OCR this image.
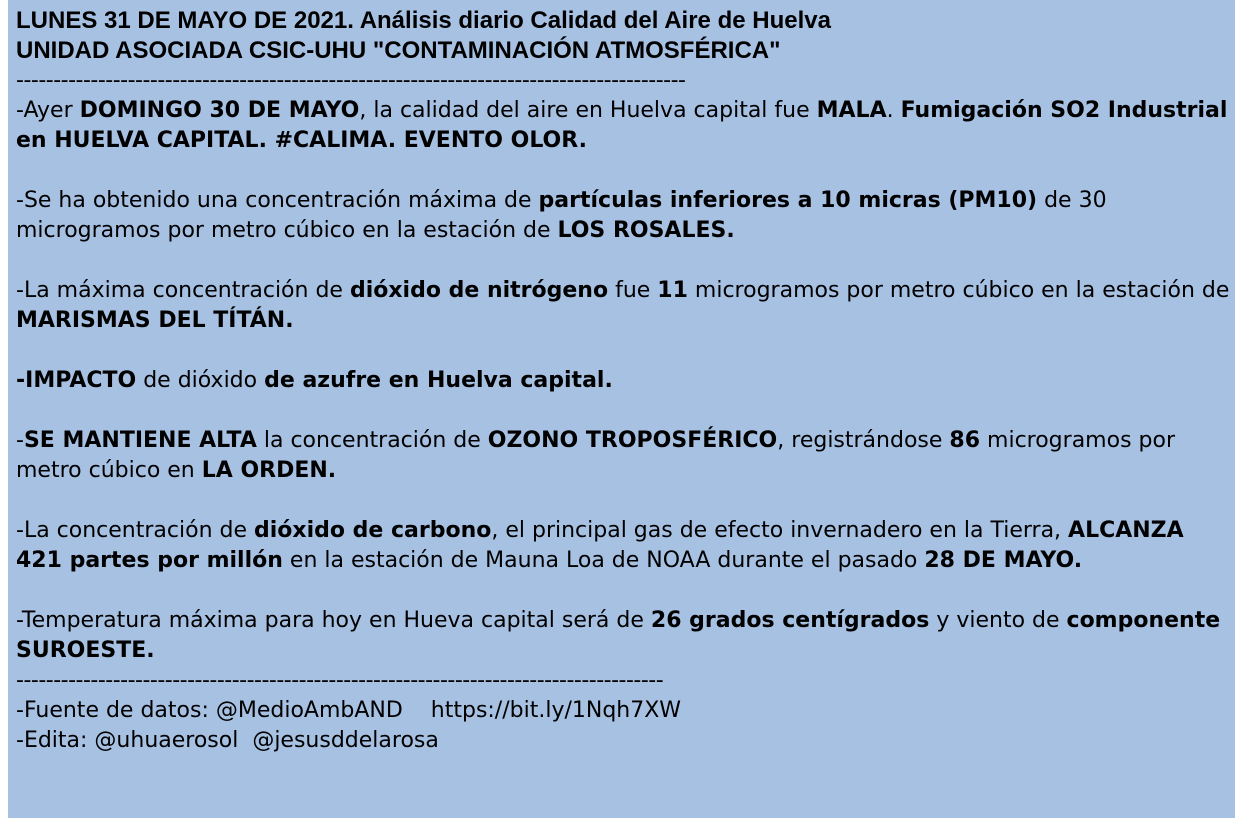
LUNES 31 DE MAYO DE 2021. Análisis diario Calidad del Aire de Huelva

UNIDAD ASOCIADA CSIC-UHU "CONTAMINACIÓN ATMOSFÉRICA"

------------------------------------------------------------------------------------------

-Ayer DOMINGO 30 DE MAYO, la calidad del aire en Huelva capital fue MALA. Fumigación SO2 Industrial en HUELVA CAPITAL. #CALIMA. EVENTO OLOR.

-Se ha obtenido una concentración máxima de partículas inferiores a 10 micras (PM10) de 30 microgramos por metro cúbico en la estación de LOS ROSALES.

-La máxima concentración de dióxido de nitrógeno fue 11 microgramos por metro cúbico en la estación de MARISMAS DEL TÍTÁN.

-IMPACTO de dióxido de azufre en Huelva capital.

-SE MANTIENE ALTA la concentración de OZONO TROPOSFÉRICO, registrándose 86 microgramos por metro cúbico en LA ORDEN.

-La concentración de dióxido de carbono, el principal gas de efecto invernadero en la Tierra, ALCANZA 421 partes por millón en la estación de Mauna Loa de NOAA durante el pasado 28 DE MAYO.

-Temperatura máxima para hoy en Hueva capital será de 26 grados centígrados y viento de componente SUROESTE.

---------------------------------------------------------------------------------------

-Fuente de datos: @MedioAmbAND    https://bit.ly/1Nqh7XW

-Edita: @uhuaerosol  @jesusddelarosa
